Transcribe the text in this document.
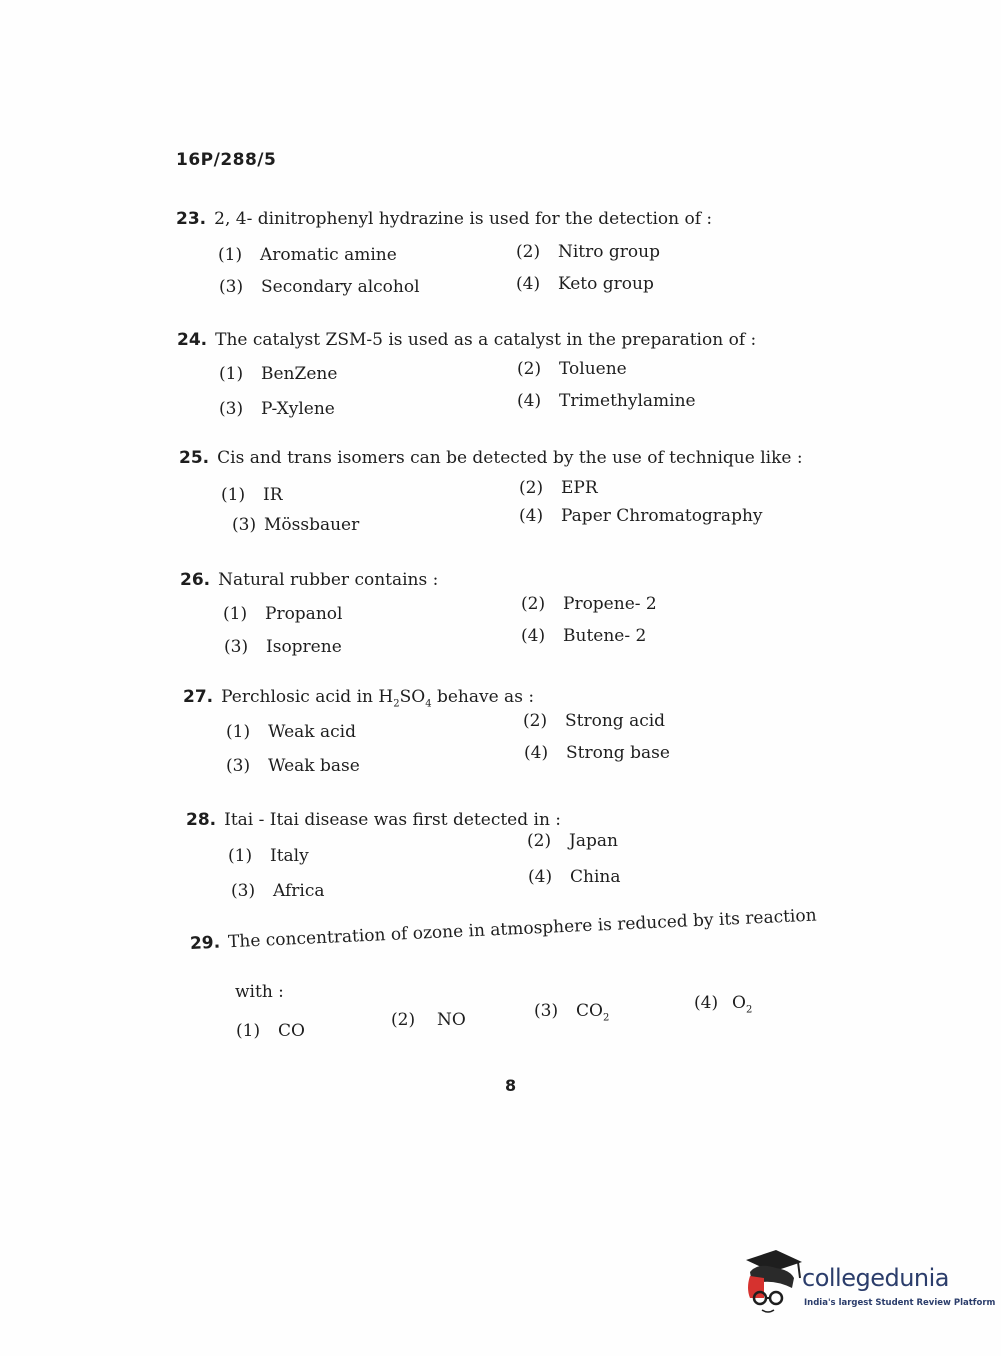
16P/288/5
23. 2, 4- dinitrophenyl hydrazine is used for the detection of :
(1) Aromatic amine	(2) Nitro group
(3) Secondary alcohol	(4) Keto group
24. The catalyst ZSM-5 is used as a catalyst in the preparation of :
(1) BenZene	(2) Toluene
(3) P-Xylene	(4) Trimethylamine
25. Cis and trans isomers can be detected by the use of technique like :
(1) IR	(2) EPR
(3) Mössbauer	(4) Paper Chromatography
26. Natural rubber contains :
(1) Propanol	(2) Propene- 2
(3) Isoprene
(4) Butene- 2
27. Perchlosic acid in $H_2SO_4$ behave as :
(1) Weak acid
(2) Strong acid
(3) Weak base
(4) Strong base
28. Itai - Itai disease was first detected in :
(1) Italy
(2) Japan
(3) Africa
(4) China
29. The concentration of ozone in atmosphere is reduced by its reaction
with :
(1) CO
(2) NO	(3) $CO_2$
(4) $O_2$
8
collegedunia
India's largest Student Review Platform
